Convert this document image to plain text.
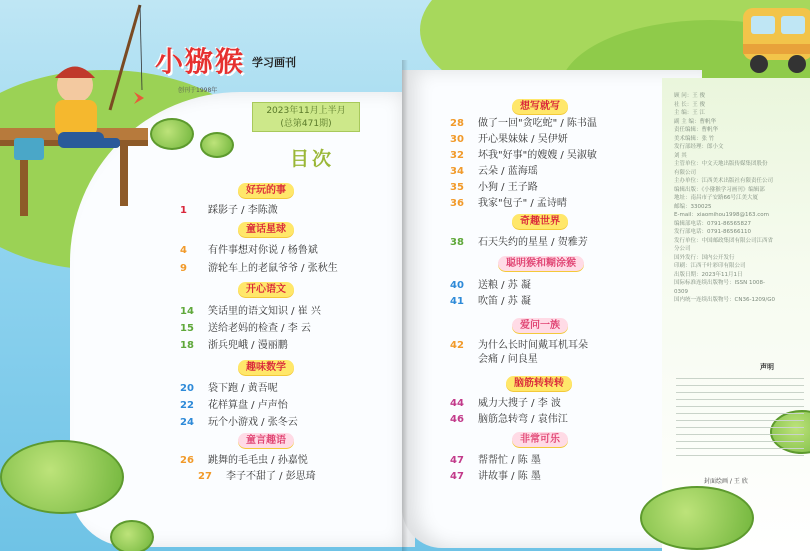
小猕猴 学习画刊
创刊于1998年
2023年11月上半月
(总第471期)
目次
好玩的事
1 踩影子 / 李陈溦
童话星球
4 有件事想对你说 / 杨鲁斌
9 游轮车上的老鼠爷爷 / 张秋生
开心语文
14 笑话里的语文知识 / 崔 兴
15 送给老妈的检查 / 李 云
18 浙兵兜峨 / 漫丽鹏
趣味数学
20 袋下跑 / 黄吾呢
22 花样算盘 / 卢声怡
24 玩个小游戏 / 张冬云
童言趣语
26 跳舞的毛毛虫 / 孙嘉悦
27 李子不甜了 / 彭思琦
想写就写
28 做了一回"贪吃蛇" / 陈书温
30 开心果妹妹 / 吴伊妍
32 坏我"好事"的嫂嫂 / 吴淑敏
34 云朵 / 蓝海瑶
35 小狗 / 王子路
36 我家"包子" / 孟诗晴
奇趣世界
38 石天失约的星星 / 贺雅芳
聪明猴和糊涂猴
40 送粮 / 苏 凝
41 吹笛 / 苏 凝
爱问一族
42 为什么长时间戴耳机耳朵
会痛 / 问良星
脑筋转转转
44 威力大搜子 / 李 波
46 脑筋急转弯 / 袁伟江
非常可乐
47 帮帮忙 / 陈 墨
47 讲故事 / 陈 墨
顾 问：王 俊
社 长：王 俊
主 编：王 江
副 主 编：曹帆华
责任编辑：曹帆华
美术编辑：张 竹
发行部经理：郎小文
刘 其
主管单位：中文天地出版传媒集团股份
有限公司
主办单位：江西美术出版社有限责任公司
编辑出版：《小猕猴学习画刊》编辑部
地址：南昌市子安路66号江美大厦
邮编：330025
E-mail：xiaomihou1998@163.com
编辑部电话：0791-86565827
发行部电话：0791-86566110
发行单位：中国邮政集团有限公司江西省
分公司
国外发行：国内公开发行
印刷：江西千叶彩印有限公司
出版日期：2023年11月1日
国际标准连续出版物号：ISSN 1008-
0309
国内统一连续出版物号：CN36-1209/G0
声明
封面绘画 / 王 欣
